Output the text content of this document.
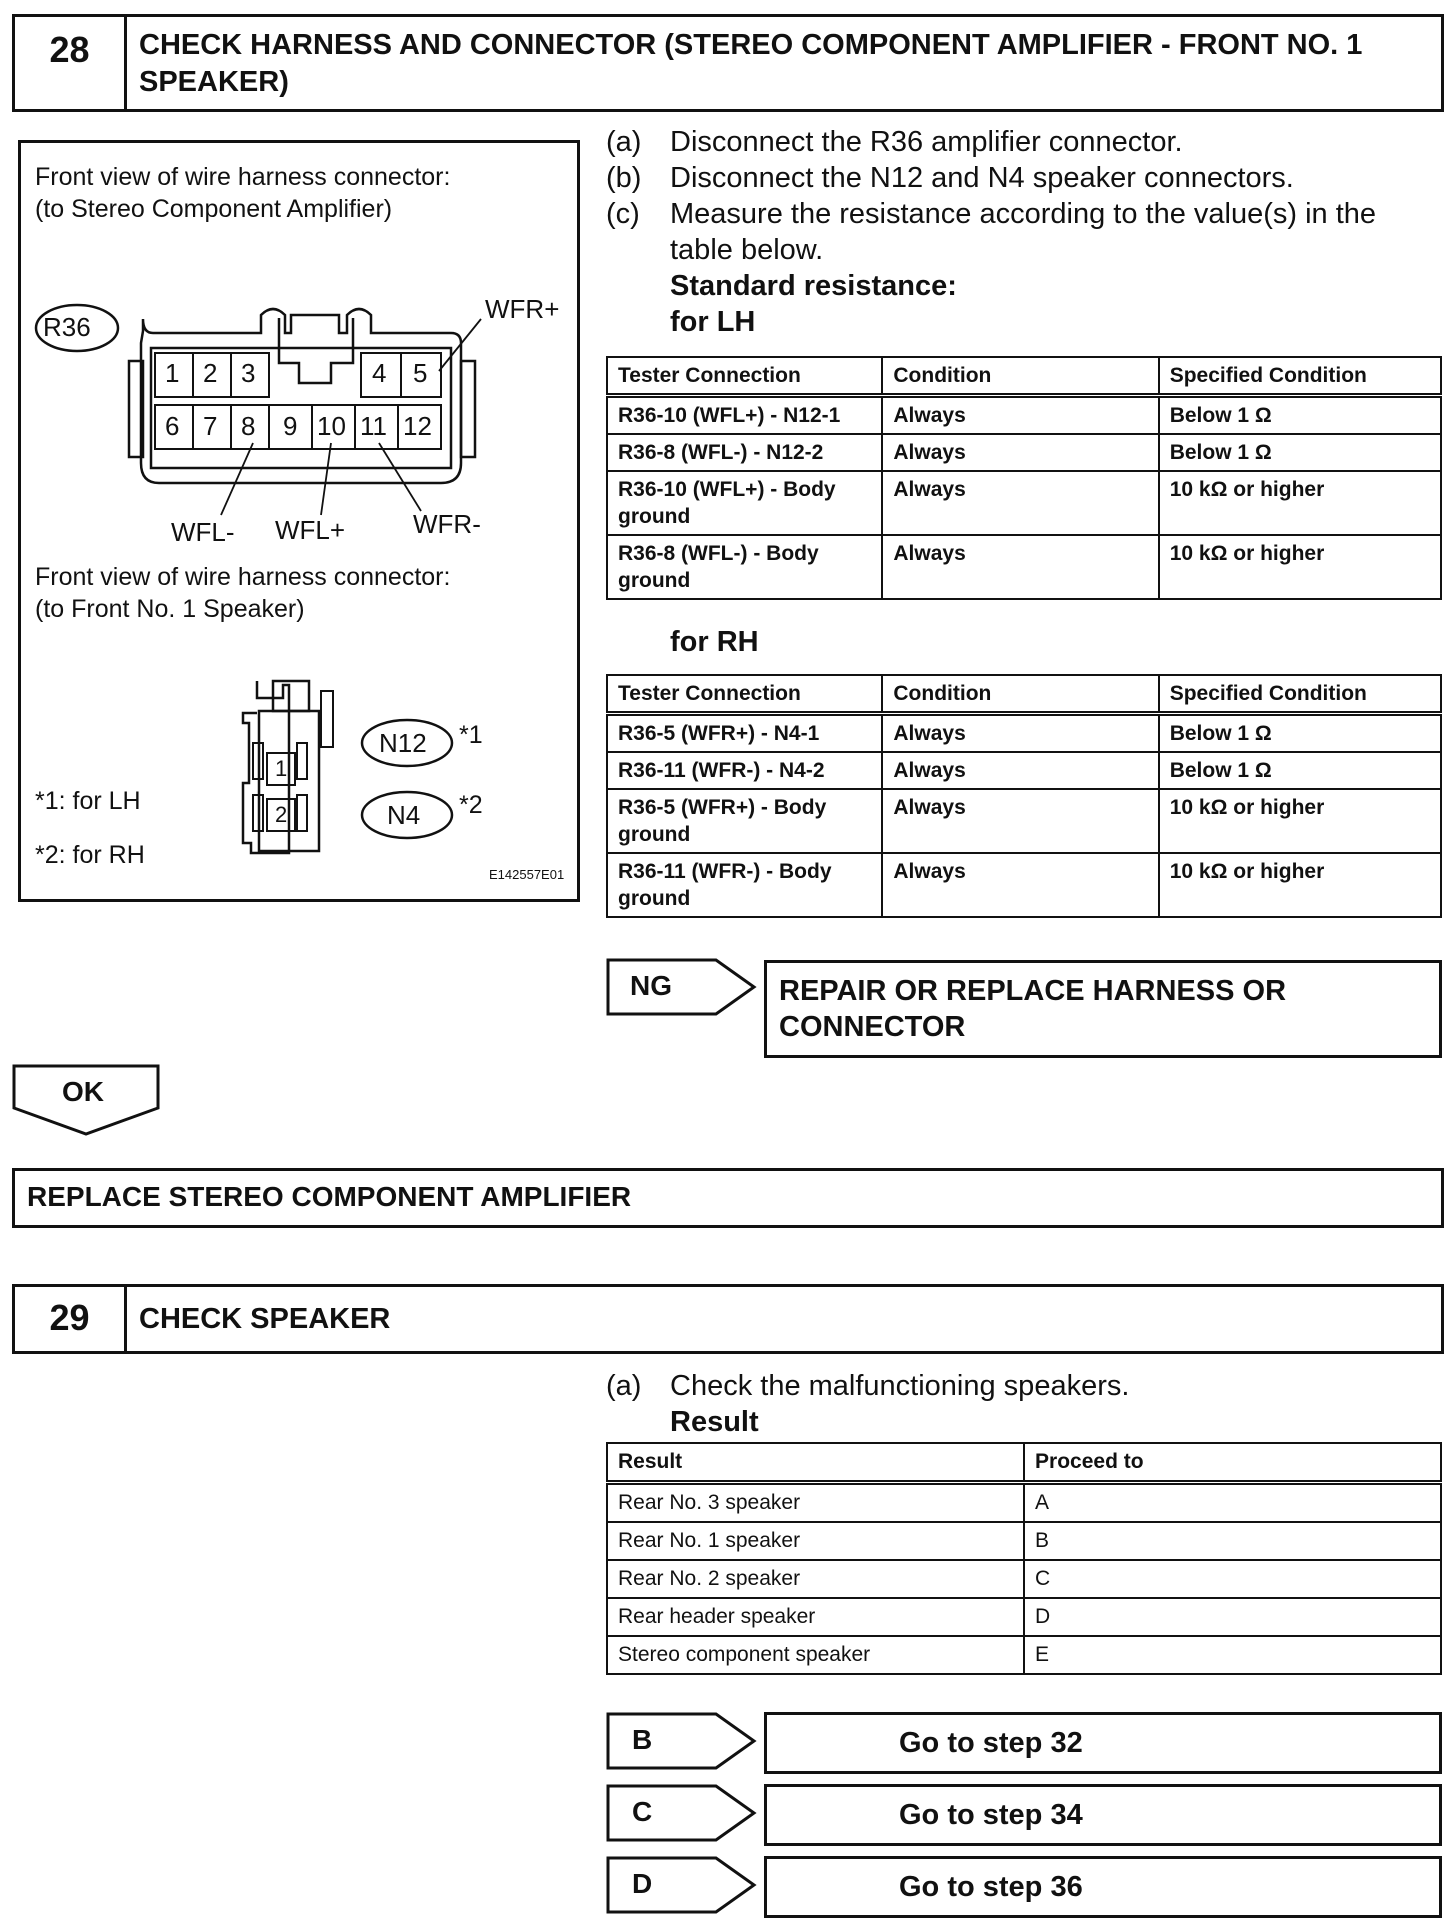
28	CHECK HARNESS AND CONNECTOR (STEREO COMPONENT AMPLIFIER - FRONT NO. 1
SPEAKER)
Front view of wire harness connector:
(to Stereo Component Amplifier)
R36
1 2 3	4 5
6 7 8 9 10 11 12
WFR+
WFL- WFL+	WFR-
Front view of wire harness connector:
(to Front No. 1 Speaker)
1
2
N12
N4
*1
*2
*1: for LH
*2: for RH
E142557E01
(a) Disconnect the R36 amplifier connector.
(b) Disconnect the N12 and N4 speaker connectors.
(c)	Measure the resistance according to the value(s) in the
table below.
Standard resistance:
for LH
Tester Connection	Condition	Specified Condition
R36-10 (WFL+) - N12-1	Always	Below 1 Ω
R36-8 (WFL-) - N12-2	Always	Below 1 Ω
R36-10 (WFL+) - Body ground	Always	10 kΩ or higher
R36-8 (WFL-) - Body ground	Always	10 kΩ or higher
for RH
Tester Connection	Condition	Specified Condition
R36-5 (WFR+) - N4-1	Always	Below 1 Ω
R36-11 (WFR-) - N4-2	Always	Below 1 Ω
R36-5 (WFR+) - Body ground	Always	10 kΩ or higher
R36-11 (WFR-) - Body ground	Always	10 kΩ or higher
NG	REPAIR OR REPLACE HARNESS OR
CONNECTOR
OK
REPLACE STEREO COMPONENT AMPLIFIER
29	CHECK SPEAKER
(a) Check the malfunctioning speakers.
Result
Result	Proceed to
Rear No. 3 speaker	A
Rear No. 1 speaker	B
Rear No. 2 speaker	C
Rear header speaker	D
Stereo component speaker	E
B	Go to step 32
C	Go to step 34
D	Go to step 36
